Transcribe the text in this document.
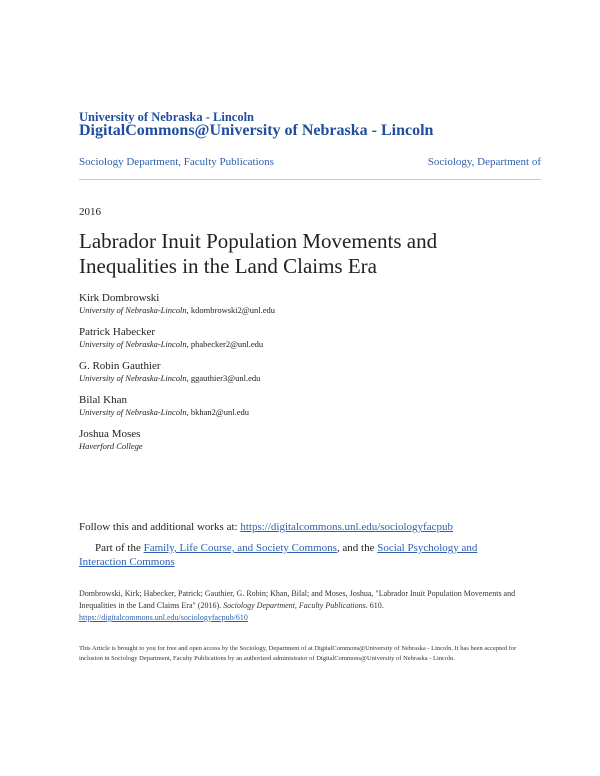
University of Nebraska - Lincoln
DigitalCommons@University of Nebraska - Lincoln
Sociology Department, Faculty Publications	Sociology, Department of
2016
Labrador Inuit Population Movements and Inequalities in the Land Claims Era
Kirk Dombrowski
University of Nebraska-Lincoln, kdombrowski2@unl.edu
Patrick Habecker
University of Nebraska-Lincoln, phabecker2@unl.edu
G. Robin Gauthier
University of Nebraska-Lincoln, ggauthier3@unl.edu
Bilal Khan
University of Nebraska-Lincoln, bkhan2@unl.edu
Joshua Moses
Haverford College
Follow this and additional works at: https://digitalcommons.unl.edu/sociologyfacpub
Part of the Family, Life Course, and Society Commons, and the Social Psychology and Interaction Commons
Dombrowski, Kirk; Habecker, Patrick; Gauthier, G. Robin; Khan, Bilal; and Moses, Joshua, "Labrador Inuit Population Movements and Inequalities in the Land Claims Era" (2016). Sociology Department, Faculty Publications. 610.
https://digitalcommons.unl.edu/sociologyfacpub/610
This Article is brought to you for free and open access by the Sociology, Department of at DigitalCommons@University of Nebraska - Lincoln. It has been accepted for inclusion in Sociology Department, Faculty Publications by an authorized administrator of DigitalCommons@University of Nebraska - Lincoln.
